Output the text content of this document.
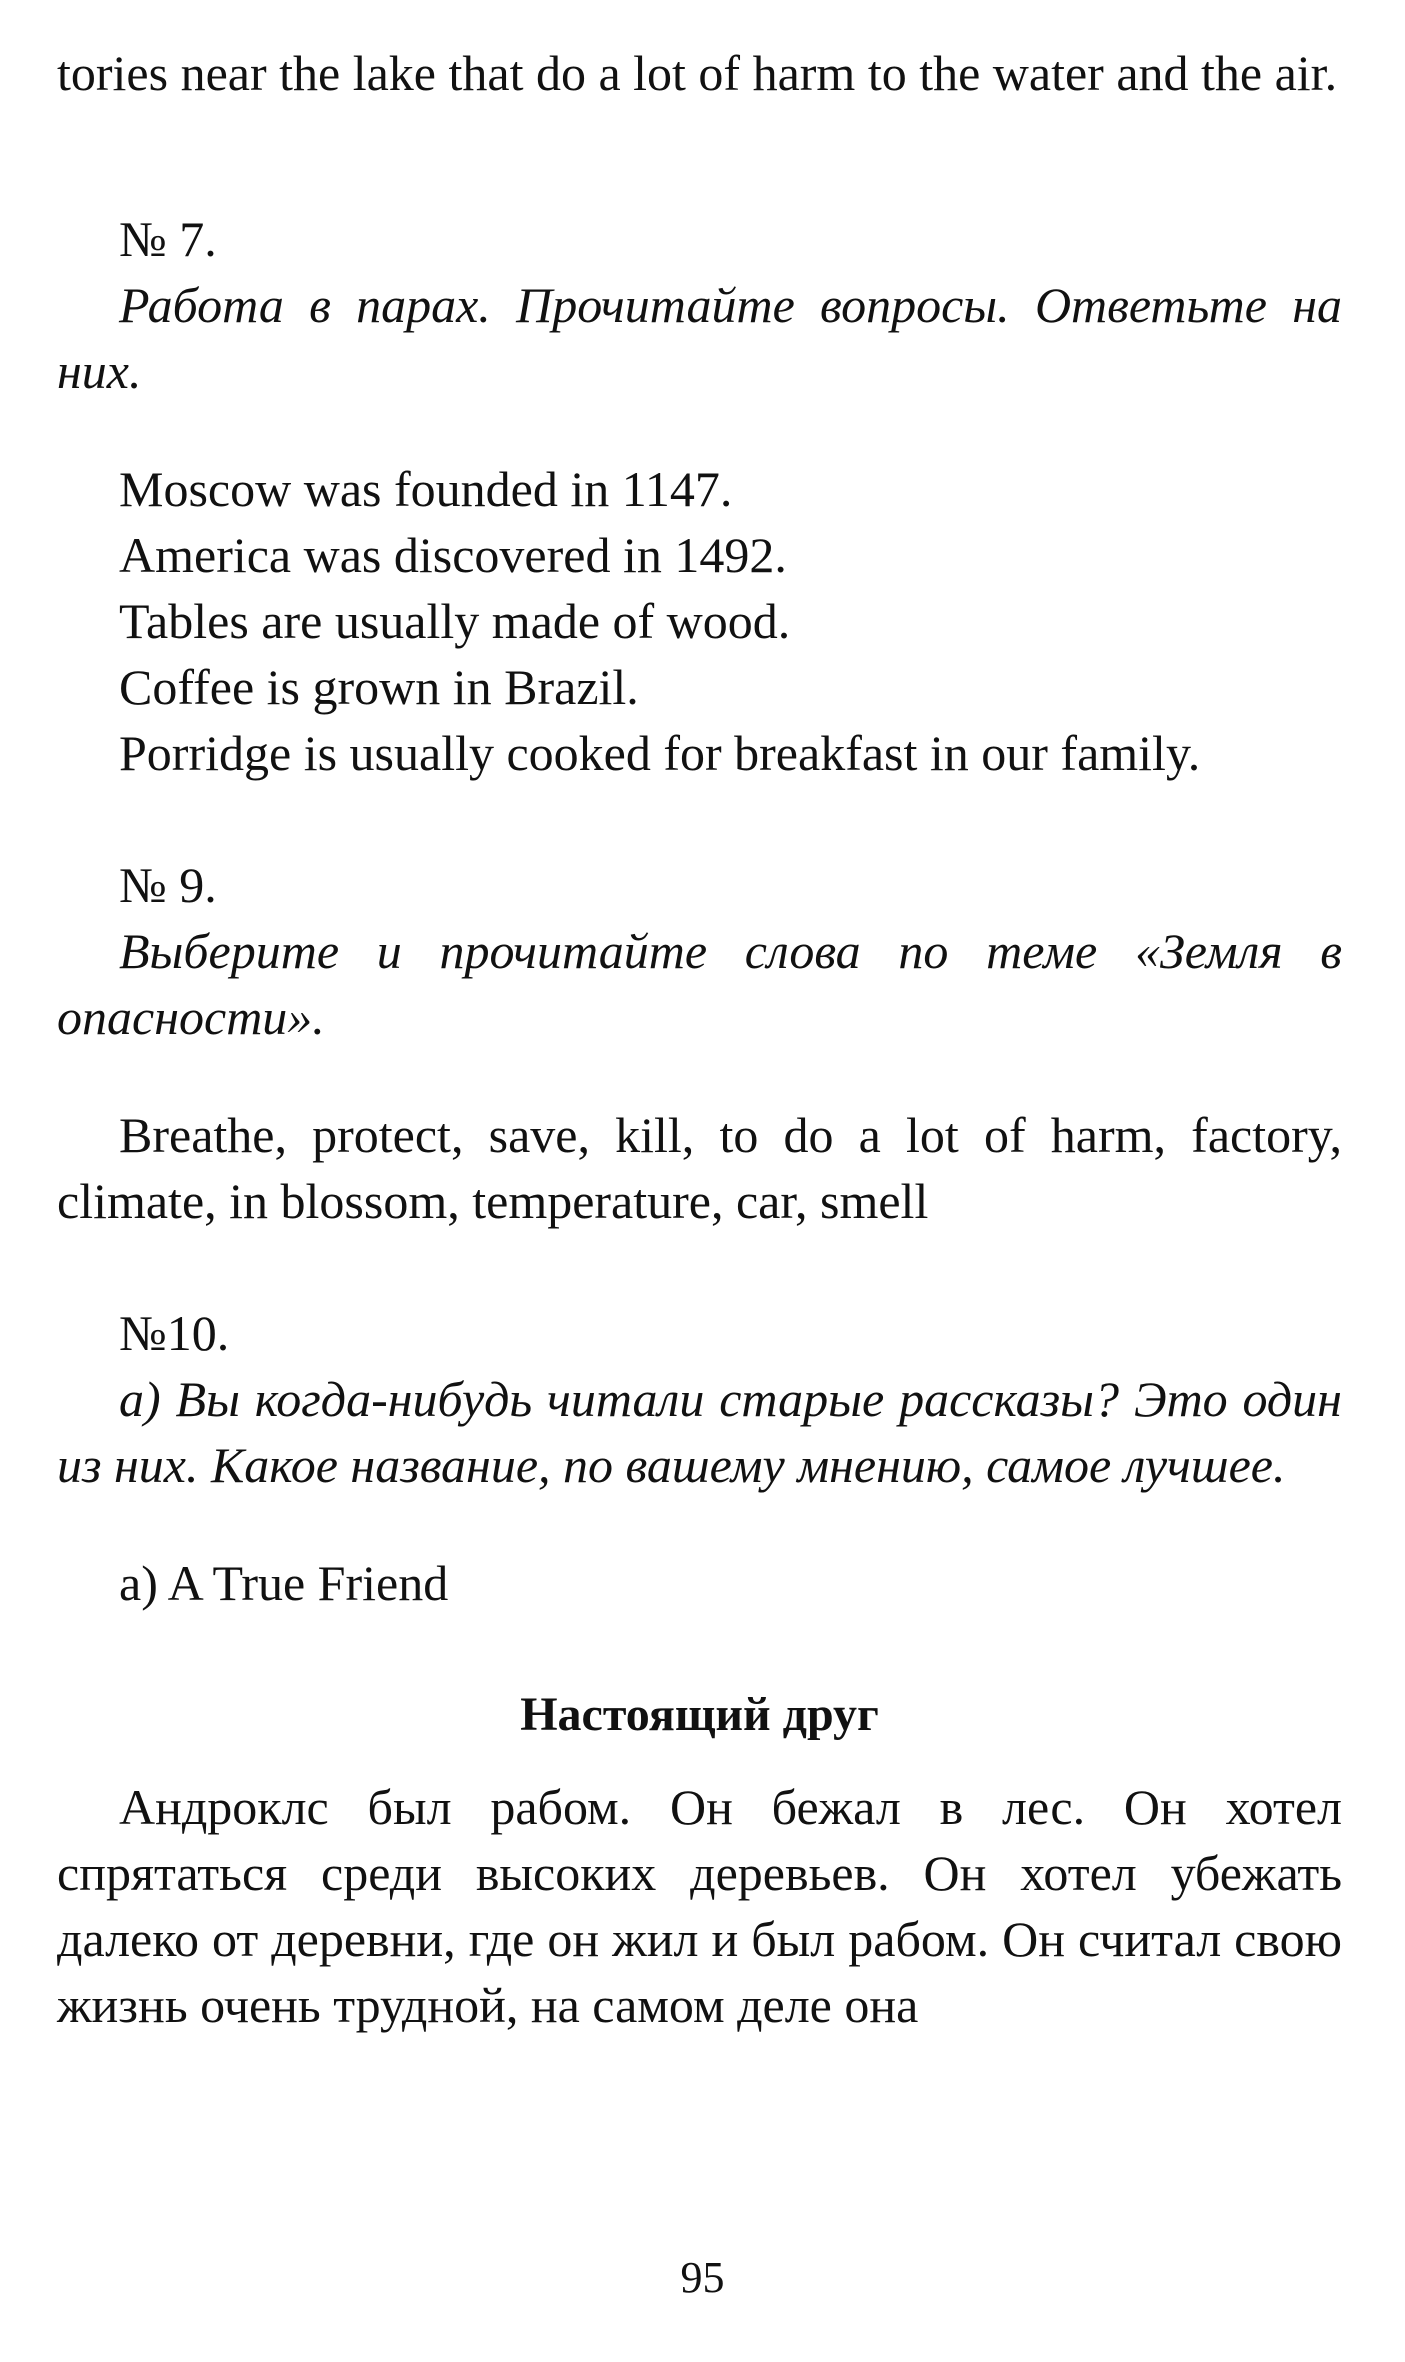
tories near the lake that do a lot of harm to the water and the air.

№ 7.

Работа в парах. Прочитайте вопросы. Ответьте на них.

Moscow was founded in 1147.
America was discovered in 1492.
Tables are usually made of wood.
Coffee is grown in Brazil.
Porridge is usually cooked for breakfast in our family.

№ 9.

Выберите и прочитайте слова по теме «Земля в опасности».

Breathe, protect, save, kill, to do a lot of harm, factory, climate, in blossom, temperature, car, smell

№10.

а) Вы когда-нибудь читали старые рассказы? Это один из них. Какое название, по вашему мнению, самое лучшее.

a) A True Friend

Настоящий друг

Андроклс был рабом. Он бежал в лес. Он хотел спрятаться среди высоких деревьев. Он хотел убежать далеко от деревни, где он жил и был рабом. Он считал свою жизнь очень трудной, на самом деле она

95
